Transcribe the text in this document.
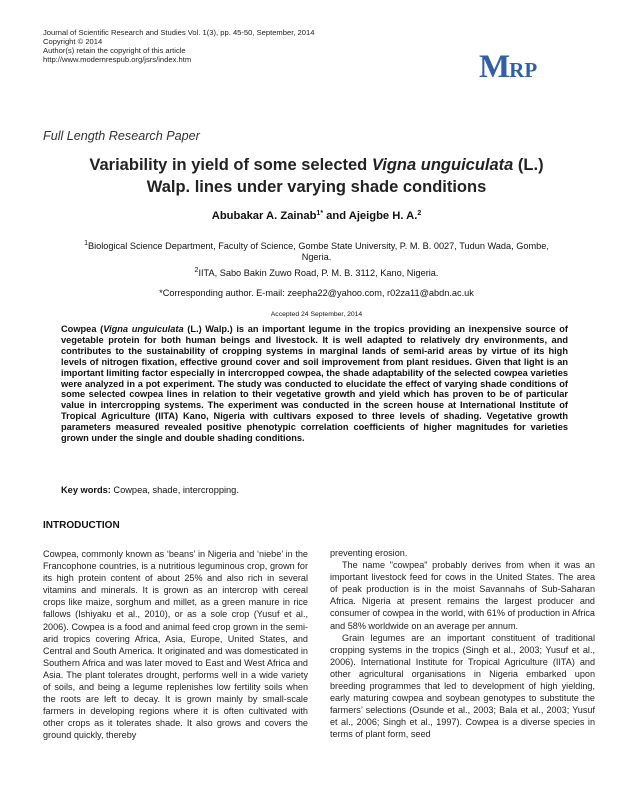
Journal of Scientific Research and Studies Vol. 1(3), pp. 45-50, September, 2014
Copyright © 2014
Author(s) retain the copyright of this article
http://www.modernrespub.org/jsrs/index.htm	MRP
Full Length Research Paper
Variability in yield of some selected Vigna unguiculata (L.)
Walp. lines under varying shade conditions
Abubakar A. Zainab$^{1*}$ and Ajeigbe H. A.$^2$
$^1$Biological Science Department, Faculty of Science, Gombe State University, P. M. B. 0027, Tudun Wada, Gombe,
Ngeria.
$^2$IITA, Sabo Bakin Zuwo Road, P. M. B. 3112, Kano, Nigeria.
*Corresponding author. E-mail: zeepha22@yahoo.com, r02za11@abdn.ac.uk
Accepted 24 September, 2014
Cowpea (Vigna unguiculata (L.) Walp.) is an important legume in the tropics providing an inexpensive source of vegetable protein for both human beings and livestock. It is well adapted to relatively dry environments, and contributes to the sustainability of cropping systems in marginal lands of semi-arid areas by virtue of its high levels of nitrogen fixation, effective ground cover and soil improvement from plant residues. Given that light is an important limiting factor especially in intercropped cowpea, the shade adaptability of the selected cowpea varieties were analyzed in a pot experiment. The study was conducted to elucidate the effect of varying shade conditions of some selected cowpea lines in relation to their vegetative growth and yield which has proven to be of particular value in intercropping systems. The experiment was conducted in the screen house at International Institute of Tropical Agriculture (IITA) Kano, Nigeria with cultivars exposed to three levels of shading. Vegetative growth parameters measured revealed positive phenotypic correlation coefficients of higher magnitudes for varieties grown under the single and double shading conditions.
Key words: Cowpea, shade, intercropping.
INTRODUCTION

Cowpea, commonly known as ‘beans’ in Nigeria and ‘niebe’ in the Francophone countries, is a nutritious leguminous crop, grown for its high protein content of about 25% and also rich in several vitamins and minerals. It is grown as an intercrop with cereal crops like maize, sorghum and millet, as a green manure in rice fallows (Ishiyaku et al., 2010), or as a sole crop (Yusuf et al., 2006). Cowpea is a food and animal feed crop grown in the semi-arid tropics covering Africa, Asia, Europe, United States, and Central and South America. It originated and was domesticated in Southern Africa and was later moved to East and West Africa and Asia. The plant tolerates drought, performs well in a wide variety of soils, and being a legume replenishes low fertility soils when the roots are left to decay. It is grown mainly by small-scale farmers in developing regions where it is often cultivated with other crops as it tolerates shade. It also grows and covers the ground quickly, thereby

preventing erosion.

The name "cowpea" probably derives from when it was an important livestock feed for cows in the United States. The area of peak production is in the moist Savannahs of Sub-Saharan Africa. Nigeria at present remains the largest producer and consumer of cowpea in the world, with 61% of production in Africa and 58% worldwide on an average per annum.

Grain legumes are an important constituent of traditional cropping systems in the tropics (Singh et al., 2003; Yusuf et al., 2006). International Institute for Tropical Agriculture (IITA) and other agricultural organisations in Nigeria embarked upon breeding programmes that led to development of high yielding, early maturing cowpea and soybean genotypes to substitute the farmers’ selections (Osunde et al., 2003; Bala et al., 2003; Yusuf et al., 2006; Singh et al., 1997). Cowpea is a diverse species in terms of plant form, seed
